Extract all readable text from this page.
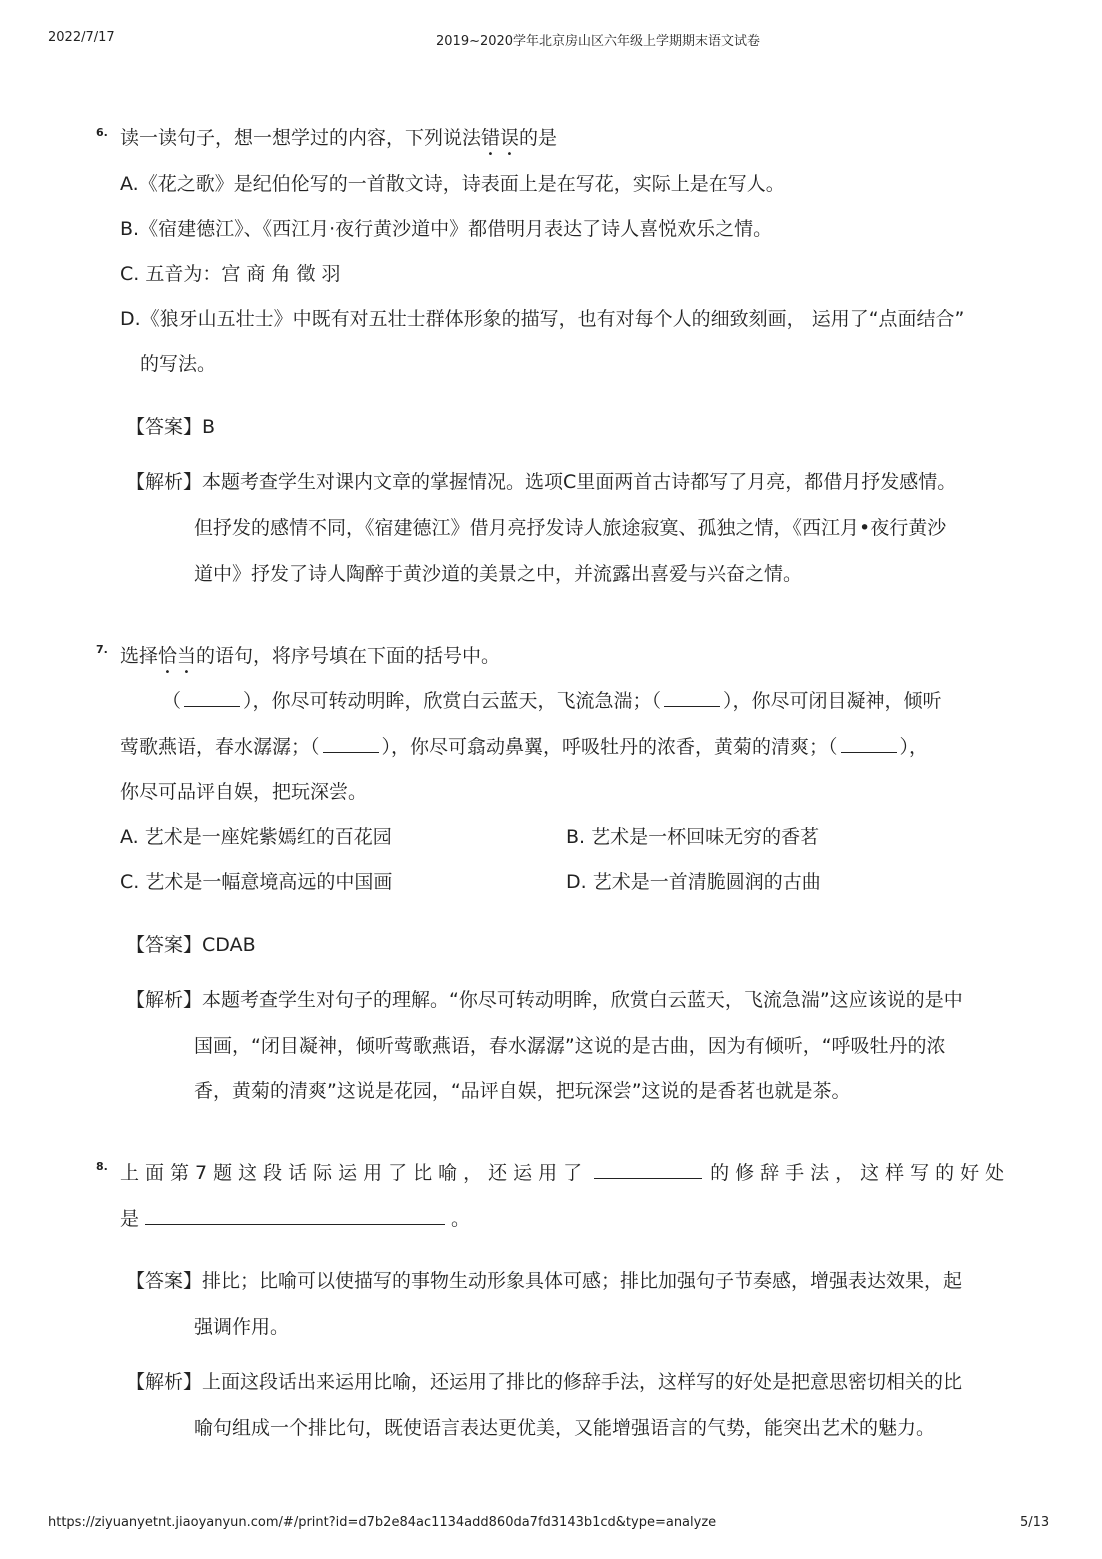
2022/7/17	2019~2020学年北京房山区六年级上学期期末语文试卷
6. 读一读句子，想一想学过的内容，下列说法错误的是
A.《花之歌》是纪伯伦写的一首散文诗，诗表面上是在写花，实际上是在写人。
B.《宿建德江》、《西江月·夜行黄沙道中》都借明月表达了诗人喜悦欢乐之情。
C. 五音为：宫 商 角 徵 羽
D.《狼牙山五壮士》中既有对五壮士群体形象的描写，也有对每个人的细致刻画， 运用了“点面结合”
的写法。
【答案】B
【解析】本题考查学生对课内文章的掌握情况。选项C里面两首古诗都写了月亮，都借月抒发感情。
但抒发的感情不同，《宿建德江》借月亮抒发诗人旅途寂寞、孤独之情，《西江月•夜行黄沙
道中》抒发了诗人陶醉于黄沙道的美景之中，并流露出喜爱与兴奋之情。
7. 选择恰当的语句，将序号填在下面的括号中。
（	），你尽可转动明眸，欣赏白云蓝天，飞流急湍；（	），你尽可闭目凝神，倾听
莺歌燕语，春水潺潺；（	），你尽可翕动鼻翼，呼吸牡丹的浓香，黄菊的清爽；（	），
你尽可品评自娱，把玩深尝。
A. 艺术是一座姹紫嫣红的百花园	B. 艺术是一杯回味无穷的香茗
C. 艺术是一幅意境高远的中国画	D. 艺术是一首清脆圆润的古曲
【答案】CDAB
【解析】本题考查学生对句子的理解。“你尽可转动明眸，欣赏白云蓝天，飞流急湍”这应该说的是中
国画，“闭目凝神，倾听莺歌燕语，春水潺潺”这说的是古曲，因为有倾听，“呼吸牡丹的浓
香，黄菊的清爽”这说是花园，“品评自娱，把玩深尝”这说的是香茗也就是茶。
8. 上面第7题这段话际运用了比喻，还运用了	的修辞手法，这样写的好处
是	。
【答案】排比；比喻可以使描写的事物生动形象具体可感；排比加强句子节奏感，增强表达效果，起
强调作用。
【解析】上面这段话出来运用比喻，还运用了排比的修辞手法，这样写的好处是把意思密切相关的比
喻句组成一个排比句，既使语言表达更优美，又能增强语言的气势，能突出艺术的魅力。
https://ziyuanyetnt.jiaoyanyun.com/#/print?id=d7b2e84ac1134add860da7fd3143b1cd&type=analyze	5/13
